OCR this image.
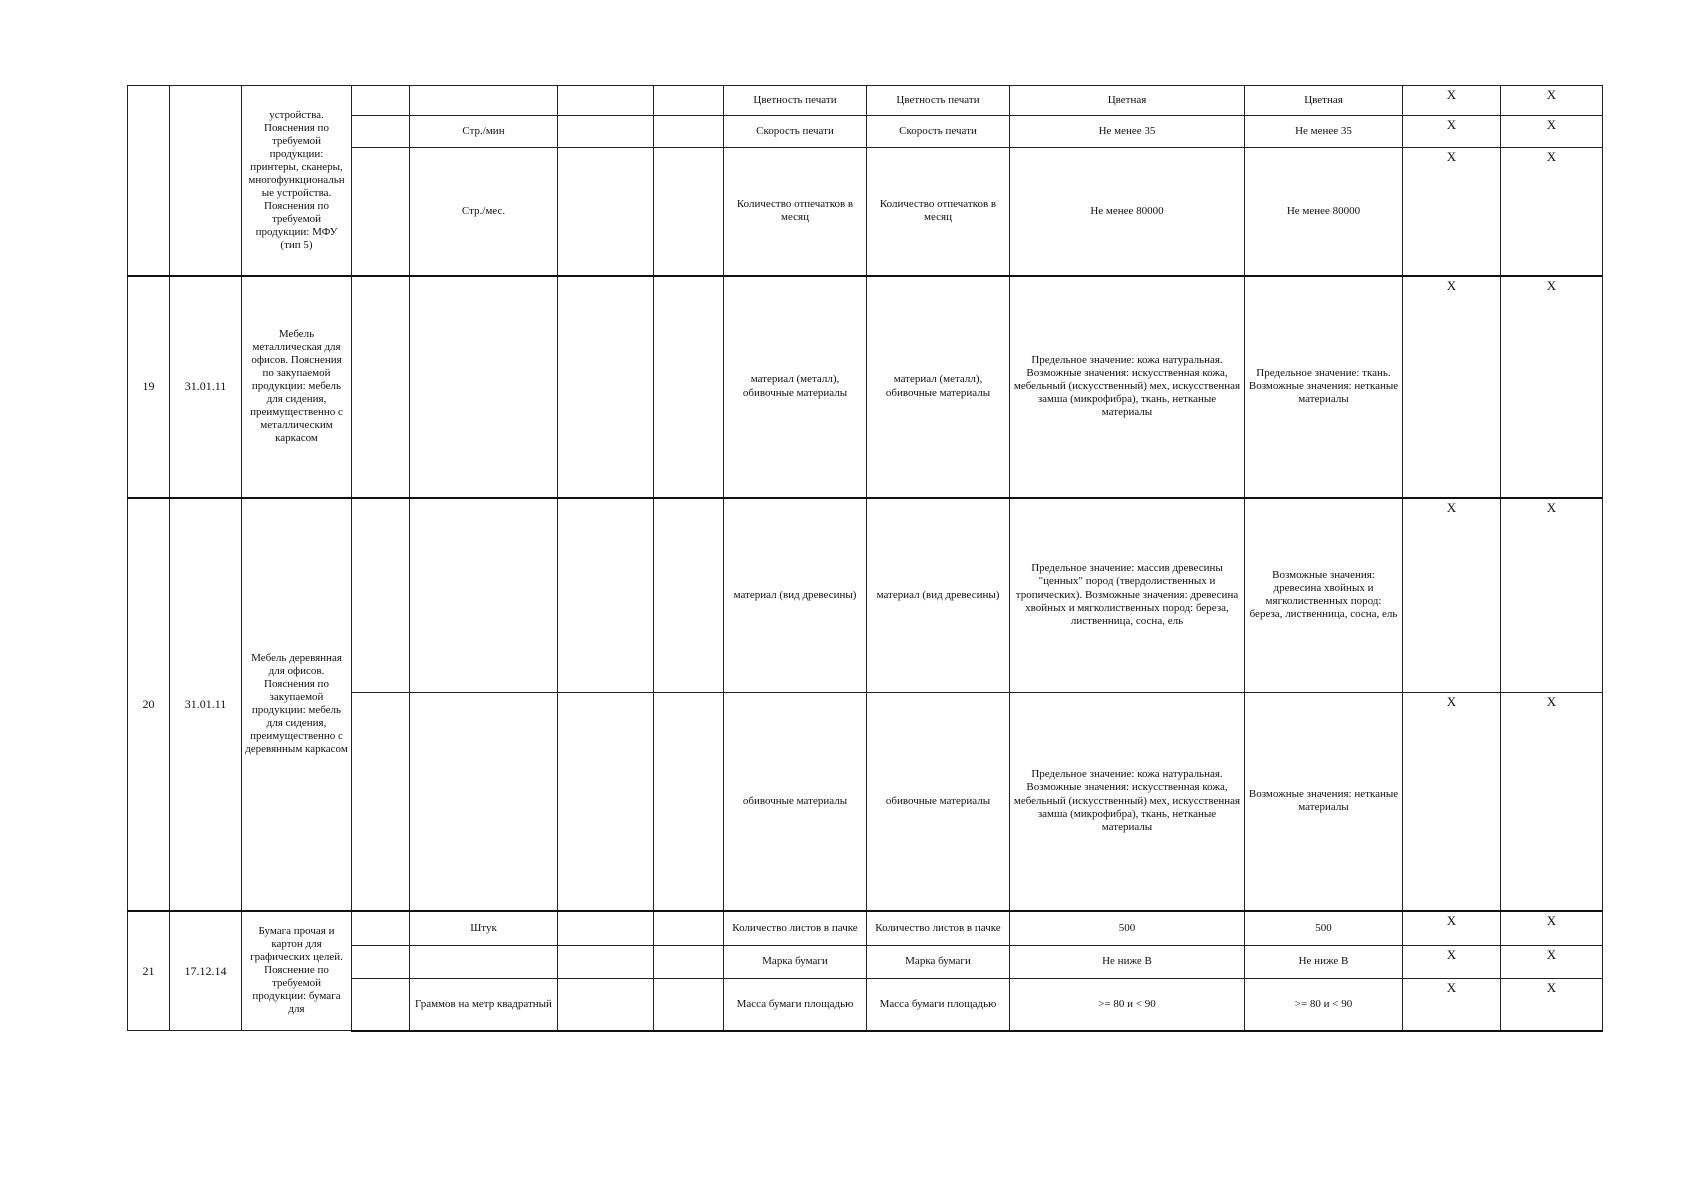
		устройства. Пояснения по требуемой продукции: принтеры, сканеры, многофункциональные устройства. Пояснения по требуемой продукции: МФУ (тип 5)					Цветность печати	Цветность печати	Цветная	Цветная	X	X
				Стр./мин			Скорость печати	Скорость печати	Не менее 35	Не менее 35	X	X
				Стр./мес.			Количество отпечатков в месяц	Количество отпечатков в месяц	Не менее 80000	Не менее 80000	X	X
19	31.01.11	Мебель металлическая для офисов. Пояснения по закупаемой продукции: мебель для сидения, преимущественно с металлическим каркасом					материал (металл), обивочные материалы	материал (металл), обивочные материалы	Предельное значение: кожа натуральная. Возможные значения: искусственная кожа, мебельный (искусственный) мех, искусственная замша (микрофибра), ткань, нетканые материалы	Предельное значение: ткань. Возможные значения: нетканые материалы	X	X
20	31.01.11	Мебель деревянная для офисов. Пояснения по закупаемой продукции: мебель для сидения, преимущественно с деревянным каркасом					материал (вид древесины)	материал (вид древесины)	Предельное значение: массив древесины "ценных" пород (твердолиственных и тропических). Возможные значения: древесина хвойных и мягколиственных пород: береза, лиственница, сосна, ель	Возможные значения: древесина хвойных и мягколиственных пород: береза, лиственница, сосна, ель	X	X
							обивочные материалы	обивочные материалы	Предельное значение: кожа натуральная. Возможные значения: искусственная кожа, мебельный (искусственный) мех, искусственная замша (микрофибра), ткань, нетканые материалы	Возможные значения: нетканые материалы	X	X
21	17.12.14	Бумага прочая и картон для графических целей. Пояснение по требуемой продукции: бумага для		Штук			Количество листов в пачке	Количество листов в пачке	500	500	X	X
							Марка бумаги	Марка бумаги	Не ниже В	Не ниже В	X	X
				Граммов на метр квадратный			Масса бумаги площадью	Масса бумаги площадью	>= 80 и < 90	>= 80 и < 90	X	X
